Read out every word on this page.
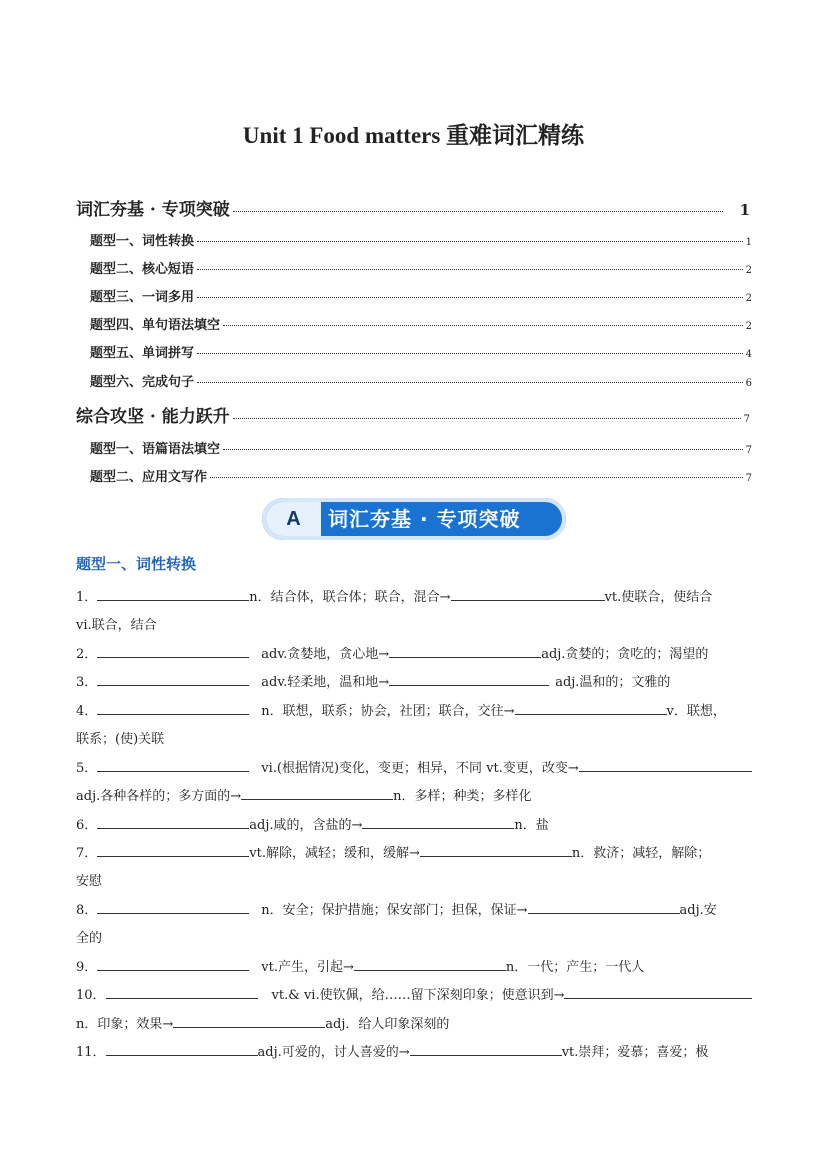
Unit 1 Food matters 重难词汇精练
词汇夯基 · 专项突破	1
题型一、词性转换	1
题型二、核心短语	2
题型三、一词多用	2
题型四、单句语法填空	2
题型五、单词拼写	4
题型六、完成句子	6
综合攻坚 · 能力跃升	7
题型一、语篇语法填空	7
题型二、应用文写作	7
A	词汇夯基 · 专项突破
题型一、词性转换
1．	n．结合体，联合体；联合，混合→	vt.使联合，使结合
vi.联合，结合
2．	adv.贪婪地，贪心地→	adj.贪婪的；贪吃的；渴望的
3．	adv.轻柔地，温和地→	adj.温和的；文雅的
4．	n．联想，联系；协会，社团；联合，交往→	v．联想，
联系；(使)关联
5．	vi.(根据情况)变化，变更；相异，不同 vt.变更，改变→
adj.各种各样的；多方面的→	n．多样；种类；多样化
6．	adj.咸的，含盐的→	n．盐
7．	vt.解除，减轻；缓和，缓解→	n．救济；减轻，解除；
安慰
8．	n．安全；保护措施；保安部门；担保，保证→	adj.安
全的
9．	vt.产生，引起→	n．一代；产生；一代人
10．	vt.& vi.使钦佩，给……留下深刻印象；使意识到→
n．印象；效果→	adj．给人印象深刻的
11．	adj.可爱的，讨人喜爱的→	vt.崇拜；爱慕；喜爱；极
